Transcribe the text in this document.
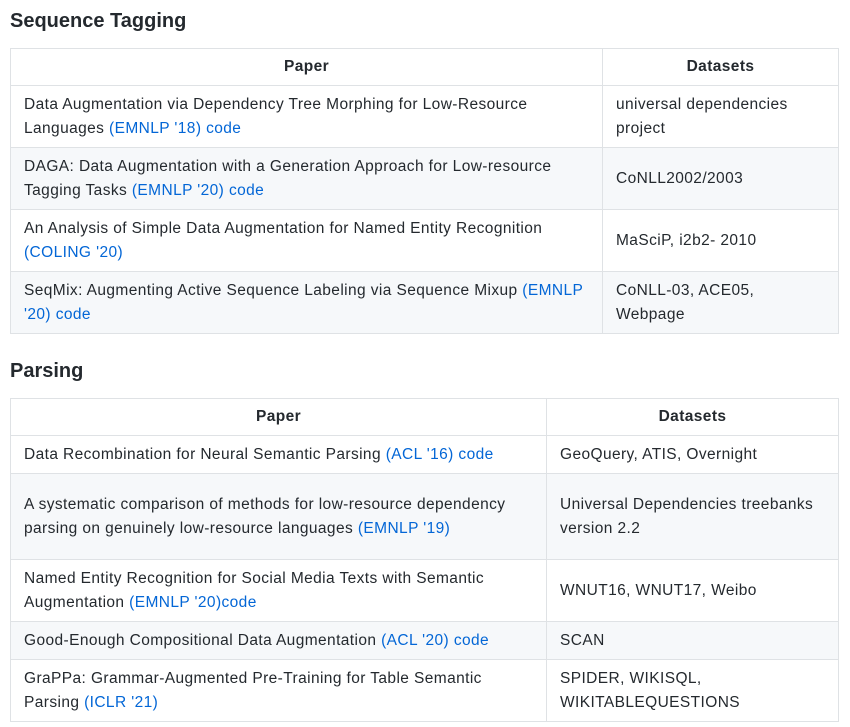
Sequence Tagging
Paper	Datasets
Data Augmentation via Dependency Tree Morphing for Low-Resource Languages (EMNLP '18) code	universal dependencies project
DAGA: Data Augmentation with a Generation Approach for Low-resource Tagging Tasks (EMNLP '20) code	CoNLL2002/2003
An Analysis of Simple Data Augmentation for Named Entity Recognition (COLING '20)	MaSciP, i2b2- 2010
SeqMix: Augmenting Active Sequence Labeling via Sequence Mixup (EMNLP '20) code	CoNLL-03, ACE05, Webpage
Parsing
Paper	Datasets
Data Recombination for Neural Semantic Parsing (ACL '16) code	GeoQuery, ATIS, Overnight
A systematic comparison of methods for low-resource dependency parsing on genuinely low-resource languages (EMNLP '19)	Universal Dependencies treebanks version 2.2
Named Entity Recognition for Social Media Texts with Semantic Augmentation (EMNLP '20)code	WNUT16, WNUT17, Weibo
Good-Enough Compositional Data Augmentation (ACL '20) code	SCAN
GraPPa: Grammar-Augmented Pre-Training for Table Semantic Parsing (ICLR '21)	SPIDER, WIKISQL, WIKITABLEQUESTIONS
